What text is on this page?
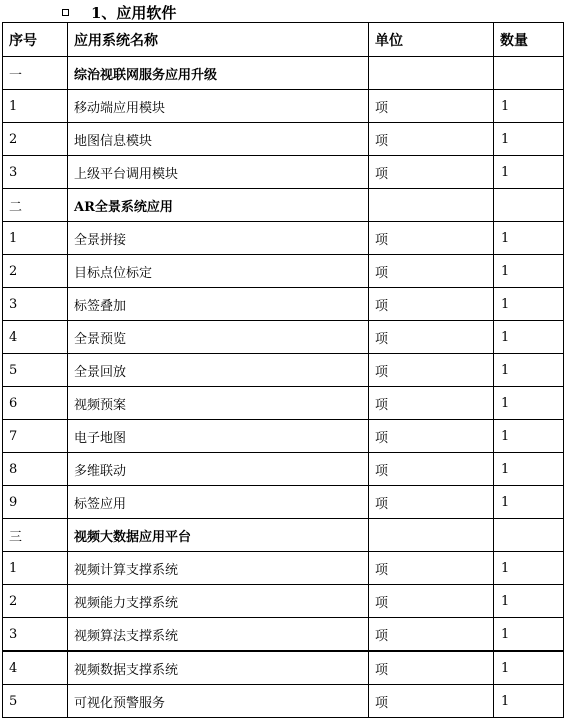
1、应用软件
序号	应用系统名称	单位	数量
一	综治视联网服务应用升级		
1	移动端应用模块	项	1
2	地图信息模块	项	1
3	上级平台调用模块	项	1
二	AR全景系统应用		
1	全景拼接	项	1
2	目标点位标定	项	1
3	标签叠加	项	1
4	全景预览	项	1
5	全景回放	项	1
6	视频预案	项	1
7	电子地图	项	1
8	多维联动	项	1
9	标签应用	项	1
三	视频大数据应用平台		
1	视频计算支撑系统	项	1
2	视频能力支撑系统	项	1
3	视频算法支撑系统	项	1
4	视频数据支撑系统	项	1
5	可视化预警服务	项	1
